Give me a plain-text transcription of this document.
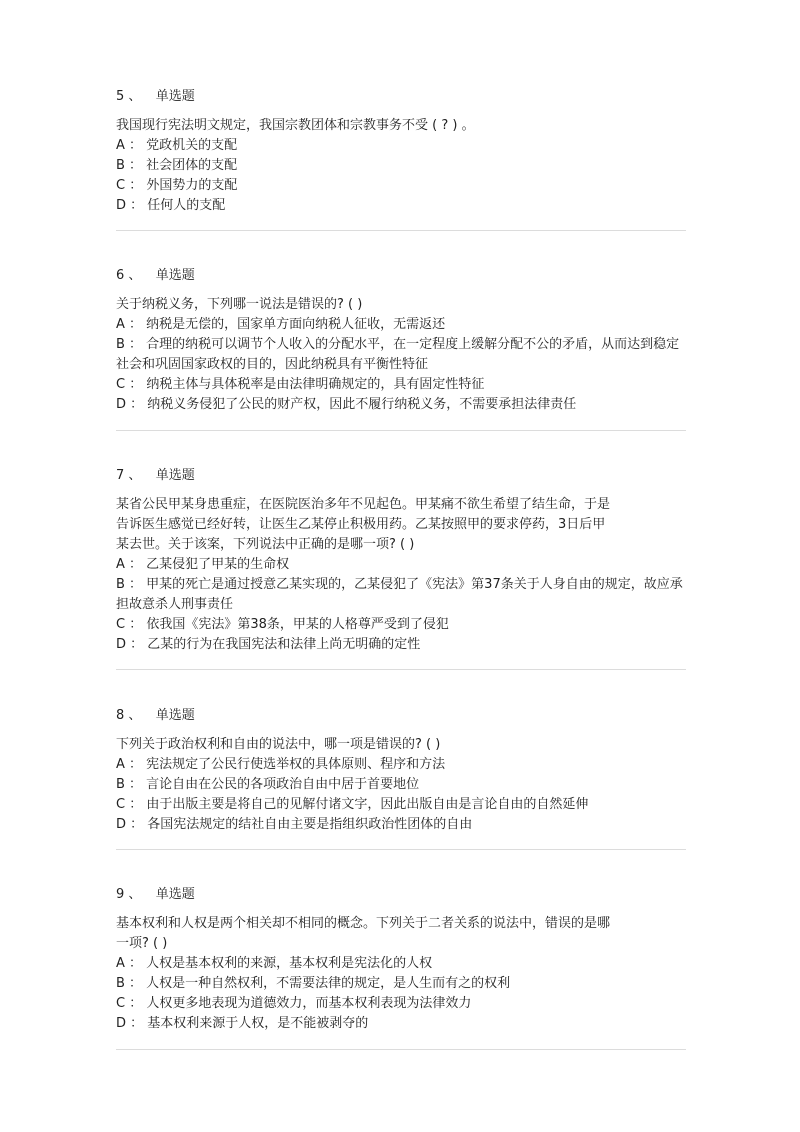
5 、 单选题
我国现行宪法明文规定，我国宗教团体和宗教事务不受 ( ? ) 。
A ： 党政机关的支配
B ： 社会团体的支配
C ： 外国势力的支配
D ： 任何人的支配
6 、 单选题
关于纳税义务，下列哪一说法是错误的? ( )
A ： 纳税是无偿的，国家单方面向纳税人征收，无需返还
B ： 合理的纳税可以调节个人收入的分配水平，在一定程度上缓解分配不公的矛盾，从而达到稳定社会和巩固国家政权的目的，因此纳税具有平衡性特征
C ： 纳税主体与具体税率是由法律明确规定的，具有固定性特征
D ： 纳税义务侵犯了公民的财产权，因此不履行纳税义务，不需要承担法律责任
7 、 单选题
某省公民甲某身患重症，在医院医治多年不见起色。甲某痛不欲生希望了结生命，于是
告诉医生感觉已经好转，让医生乙某停止积极用药。乙某按照甲的要求停药，3日后甲
某去世。关于该案，下列说法中正确的是哪一项? ( )
A ： 乙某侵犯了甲某的生命权
B ： 甲某的死亡是通过授意乙某实现的，乙某侵犯了《宪法》第37条关于人身自由的规定，故应承担故意杀人刑事责任
C ： 依我国《宪法》第38条，甲某的人格尊严受到了侵犯
D ： 乙某的行为在我国宪法和法律上尚无明确的定性
8 、 单选题
下列关于政治权利和自由的说法中，哪一项是错误的? ( )
A ： 宪法规定了公民行使选举权的具体原则、程序和方法
B ： 言论自由在公民的各项政治自由中居于首要地位
C ： 由于出版主要是将自己的见解付诸文字，因此出版自由是言论自由的自然延伸
D ： 各国宪法规定的结社自由主要是指组织政治性团体的自由
9 、 单选题
基本权利和人权是两个相关却不相同的概念。下列关于二者关系的说法中，错误的是哪
一项? ( )
A ： 人权是基本权利的来源，基本权利是宪法化的人权
B ： 人权是一种自然权利，不需要法律的规定，是人生而有之的权利
C ： 人权更多地表现为道德效力，而基本权利表现为法律效力
D ： 基本权利来源于人权，是不能被剥夺的
